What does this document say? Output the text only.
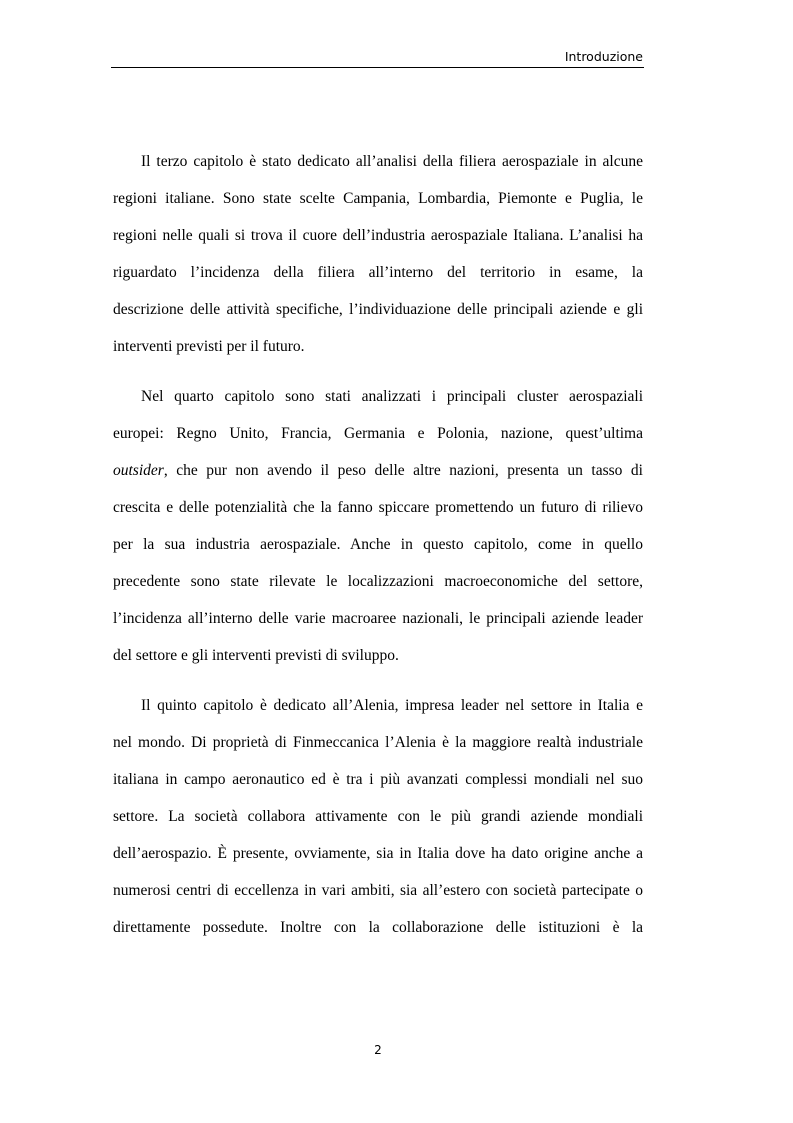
Introduzione
Il terzo capitolo è stato dedicato all’analisi della filiera aerospaziale in alcune
regioni italiane. Sono state scelte Campania, Lombardia, Piemonte e Puglia, le
regioni nelle quali si trova il cuore dell’industria aerospaziale Italiana. L’analisi ha
riguardato l’incidenza della filiera all’interno del territorio in esame, la
descrizione delle attività specifiche, l’individuazione delle principali aziende e gli
interventi previsti per il futuro.
Nel quarto capitolo sono stati analizzati i principali cluster aerospaziali
europei: Regno Unito, Francia, Germania e Polonia, nazione, quest’ultima
outsider, che pur non avendo il peso delle altre nazioni, presenta un tasso di
crescita e delle potenzialità che la fanno spiccare promettendo un futuro di rilievo
per la sua industria aerospaziale. Anche in questo capitolo, come in quello
precedente sono state rilevate le localizzazioni macroeconomiche del settore,
l’incidenza all’interno delle varie macroaree nazionali, le principali aziende leader
del settore e gli interventi previsti di sviluppo.
Il quinto capitolo è dedicato all’Alenia, impresa leader nel settore in Italia e
nel mondo. Di proprietà di Finmeccanica l’Alenia è la maggiore realtà industriale
italiana in campo aeronautico ed è tra i più avanzati complessi mondiali nel suo
settore. La società collabora attivamente con le più grandi aziende mondiali
dell’aerospazio. È presente, ovviamente, sia in Italia dove ha dato origine anche a
numerosi centri di eccellenza in vari ambiti, sia all’estero con società partecipate o
direttamente possedute. Inoltre con la collaborazione delle istituzioni è la
2
